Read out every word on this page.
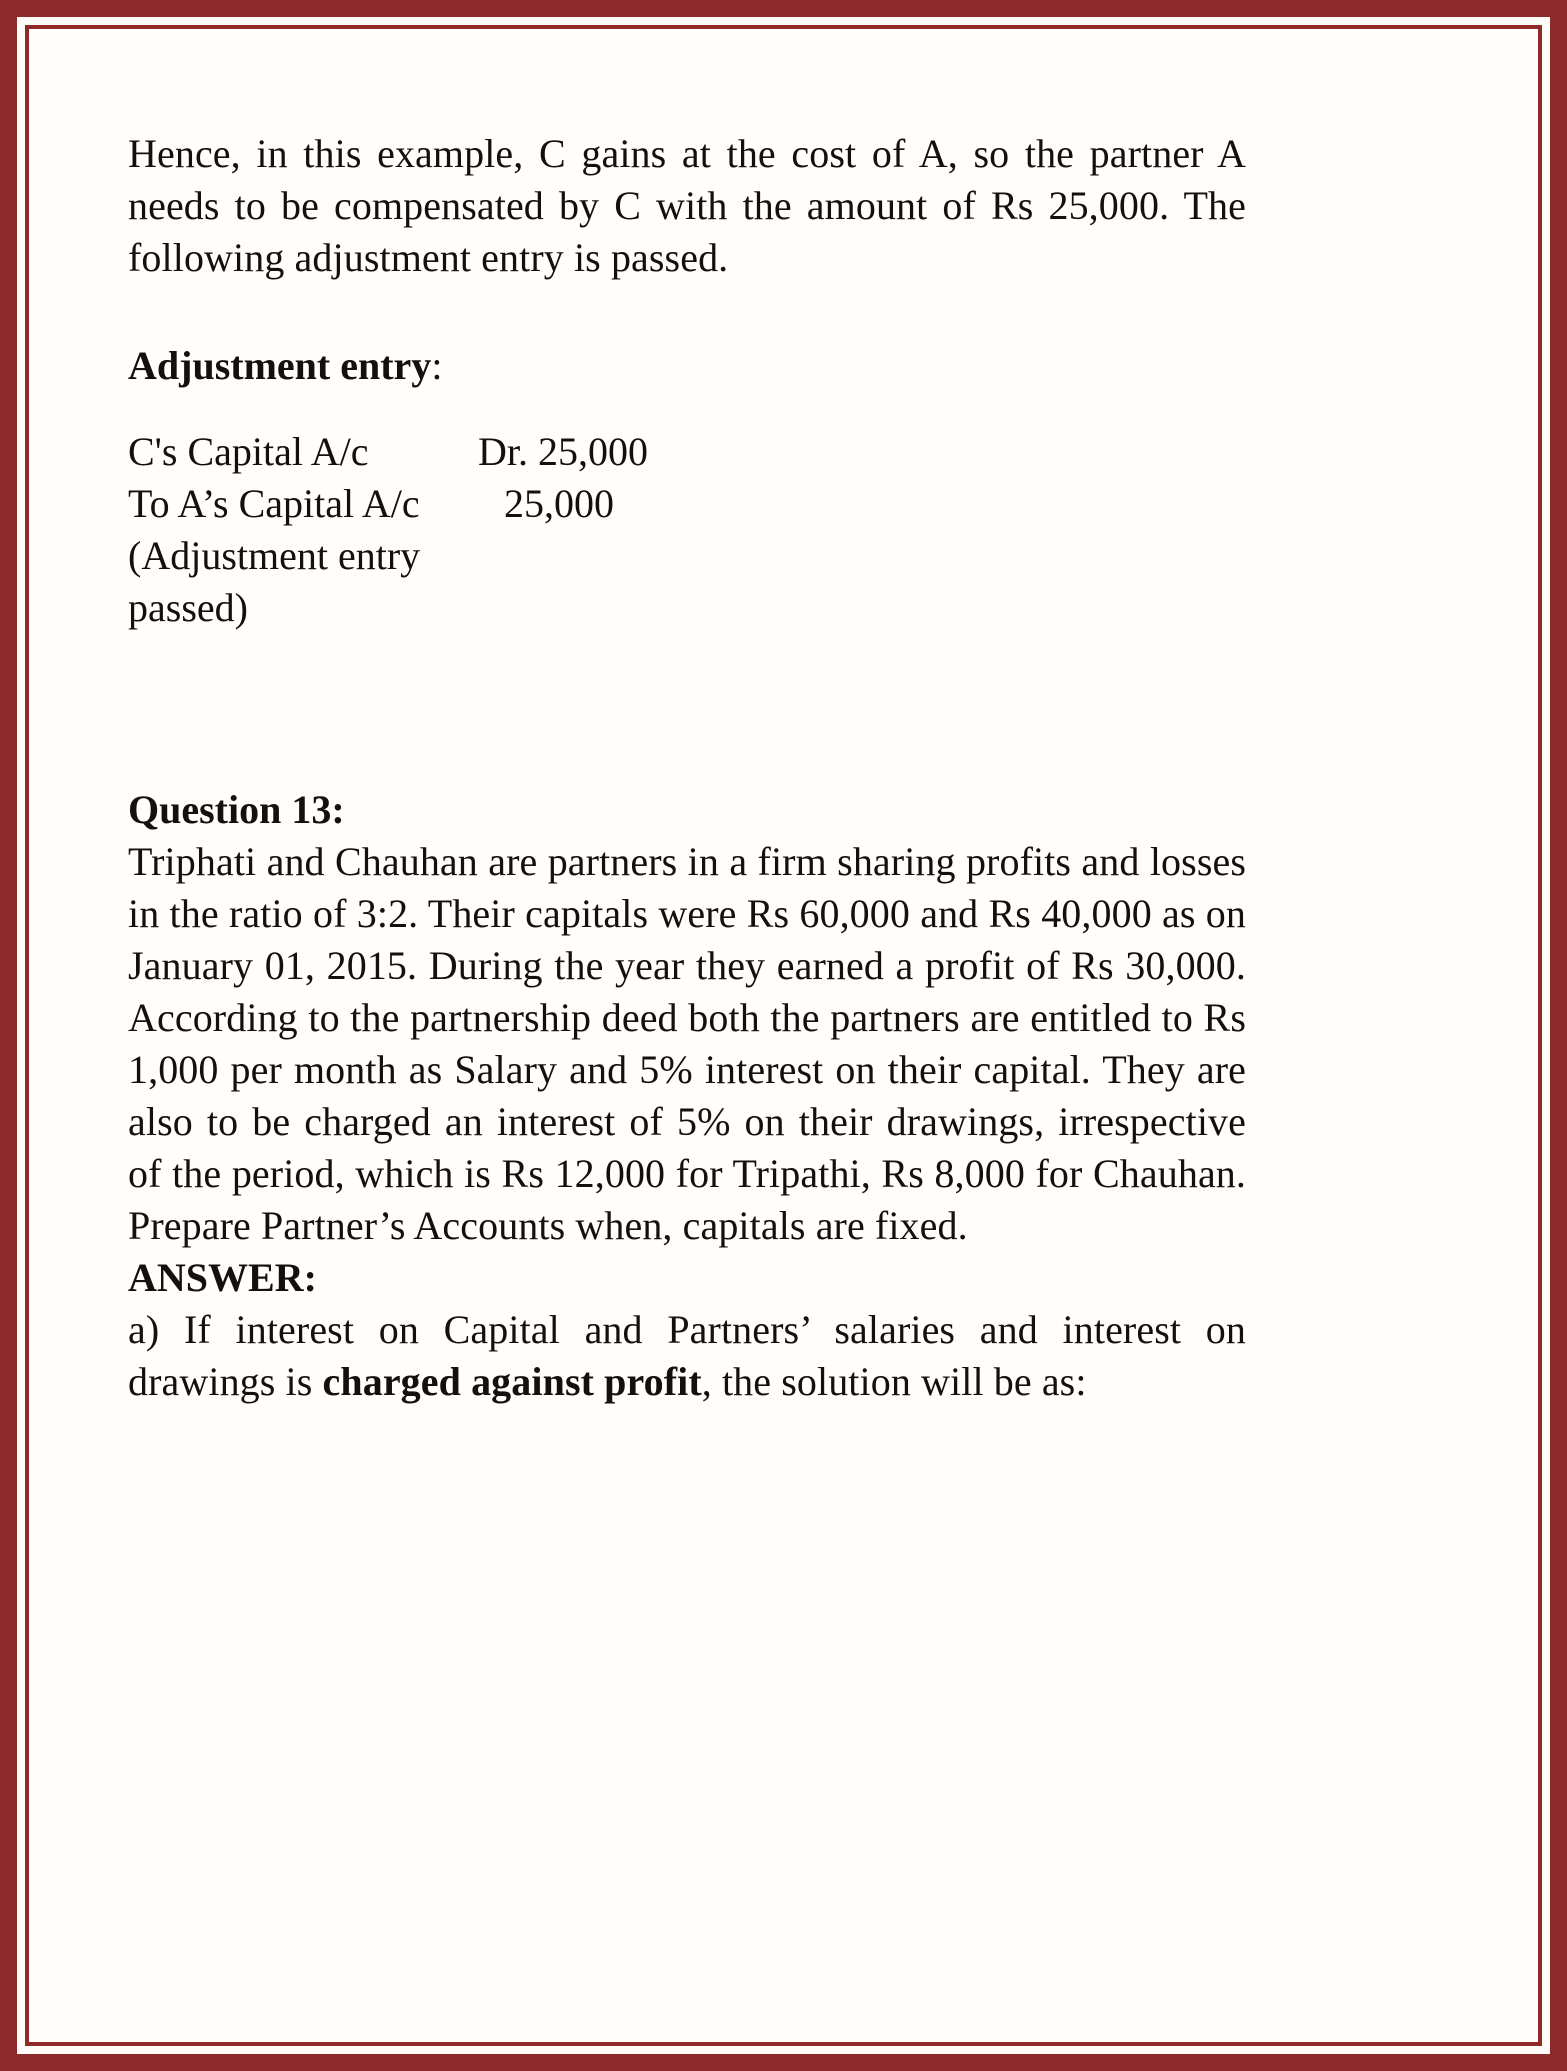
Hence, in this example, C gains at the cost of A, so the partner A needs to be compensated by C with the amount of Rs 25,000. The following adjustment entry is passed.

Adjustment entry:

C's Capital A/c	Dr. 25,000
To A’s Capital A/c	25,000
(Adjustment entry
passed)

Question 13:

Triphati and Chauhan are partners in a firm sharing profits and losses in the ratio of 3:2. Their capitals were Rs 60,000 and Rs 40,000 as on January 01, 2015. During the year they earned a profit of Rs 30,000. According to the partnership deed both the partners are entitled to Rs 1,000 per month as Salary and 5% interest on their capital. They are also to be charged an interest of 5% on their drawings, irrespective of the period, which is Rs 12,000 for Tripathi, Rs 8,000 for Chauhan. Prepare Partner’s Accounts when, capitals are fixed.

ANSWER:

a) If interest on Capital and Partners’ salaries and interest on drawings is charged against profit, the solution will be as:
